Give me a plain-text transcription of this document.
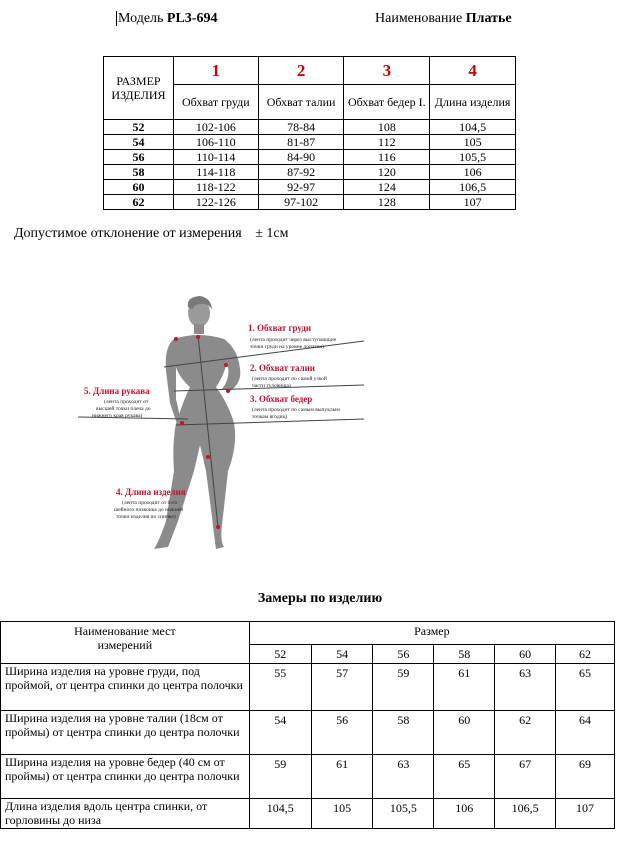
Модель PL3-694	Наименование Платье
РАЗМЕР ИЗДЕЛИЯ	1	2	3	4
	Обхват груди	Обхват талии	Обхват бедер I.	Длина изделия
52	102-106	78-84	108	104,5
54	106-110	81-87	112	105
56	110-114	84-90	116	105,5
58	114-118	87-92	120	106
60	118-122	92-97	124	106,5
62	122-126	97-102	128	107
Допустимое отклонение от измерения ± 1см
1. Обхват груди
(лента проходит через выступающие
точки груди на уровне лопаток)
2. Обхват талии
(лента проходит по самой узкой
части туловища)
3. Обхват бедер
(лента проходит по самым выпуклым
точкам ягодиц)
5. Длина рукава
(лента проходит от
высшей точки плеча до
нижнего края рукава)
4. Длина изделия
(лента проходит от 6-го
шейного позвонка до нижней
точки изделия по спинке)
Замеры по изделию
Наименование мест измерений	Размер					
	52	54	56	58	60	62
Ширина изделия на уровне груди, под проймой, от центра спинки до центра полочки	55	57	59	61	63	65
Ширина изделия на уровне талии (18см от проймы) от центра спинки до центра полочки	54	56	58	60	62	64
Ширина изделия на уровне бедер (40 см от проймы) от центра спинки до центра полочки	59	61	63	65	67	69
Длина изделия вдоль центра спинки, от горловины до низа	104,5	105	105,5	106	106,5	107
